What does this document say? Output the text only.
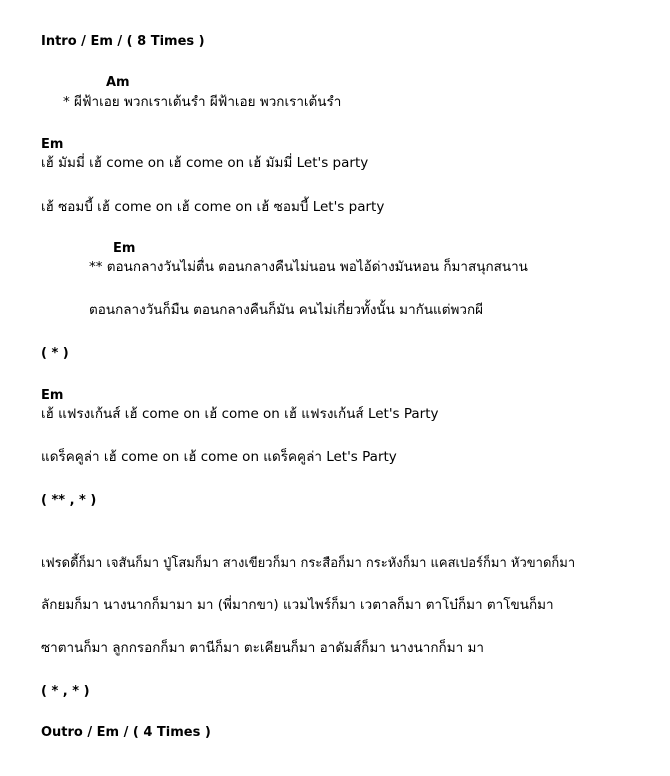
Intro / Em / ( 8 Times )
Am
* ผีฟ้าเอย พวกเราเต้นรำ ผีฟ้าเอย พวกเราเต้นรำ
Em
เฮ้ มัมมี่ เฮ้ come on เฮ้ come on เฮ้ มัมมี่ Let's party
เฮ้ ซอมบี้ เฮ้ come on เฮ้ come on เฮ้ ซอมบี้ Let's party
Em
** ตอนกลางวันไม่ตื่น ตอนกลางคืนไม่นอน พอไอ้ด่างมันหอน ก็มาสนุกสนาน
ตอนกลางวันก็มืน ตอนกลางคืนก็มัน คนไม่เกี่ยวทั้งนั้น มากันแต่พวกผี
( * )
Em
เฮ้ แฟรงเก้นส์ เฮ้ come on เฮ้ come on เฮ้ แฟรงเก้นส์ Let's Party
แดร็คคูล่า เฮ้ come on เฮ้ come on แดร็คคูล่า Let's Party
( ** , * )
เฟรดดี้ก็มา เจสันก็มา ปู่โสมก็มา สางเขียวก็มา กระสือก็มา กระหังก็มา แคสเปอร์ก็มา หัวขาดก็มา
ลักยมก็มา นางนากก็มามา มา (พี่มากขา) แวมไพร์ก็มา เวตาลก็มา ตาโบ๋ก็มา ตาโขนก็มา
ซาตานก็มา ลูกกรอกก็มา ตานีก็มา ตะเคียนก็มา อาดัมส์ก็มา นางนากก็มา มา
( * , * )
Outro / Em / ( 4 Times )
